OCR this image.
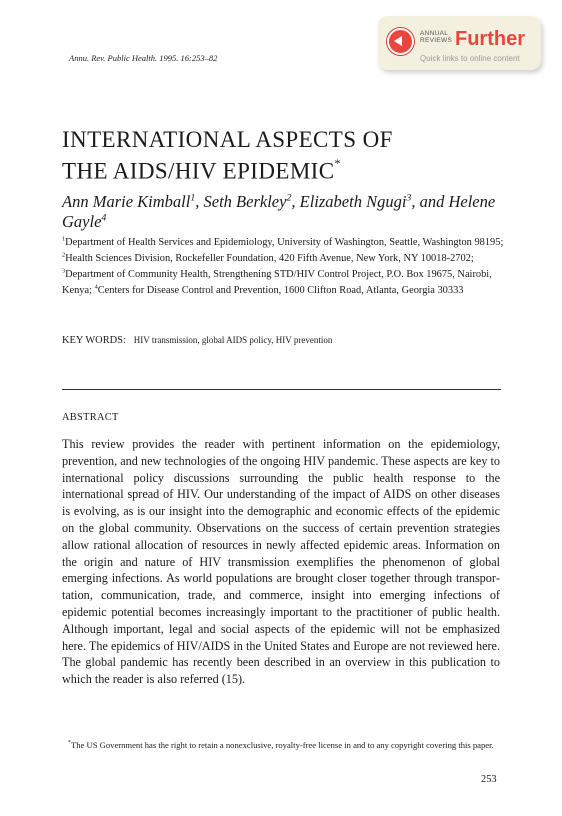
Annu. Rev. Public Health. 1995. 16:253–82
ANNUAL
REVIEWS Further
Quick links to online content
INTERNATIONAL ASPECTS OF
THE AIDS/HIV EPIDEMIC*

Ann Marie Kimball$^1$, Seth Berkley$^2$, Elizabeth Ngugi$^3$, and Helene Gayle$^4$

$^1$Department of Health Services and Epidemiology, University of Washington, Seattle, Washington 98195; $^2$Health Sciences Division, Rockefeller Foundation, 420 Fifth Avenue, New York, NY 10018-2702; $^3$Department of Community Health, Strengthening STD/HIV Control Project, P.O. Box 19675, Nairobi, Kenya; $^4$Centers for Disease Control and Prevention, 1600 Clifton Road, Atlanta, Georgia 30333

KEY WORDS: HIV transmission, global AIDS policy, HIV prevention
ABSTRACT

This review provides the reader with pertinent information on the epidemiology, prevention, and new technologies of the ongoing HIV pandemic. These aspects are key to international policy discussions surrounding the public health response to the international spread of HIV. Our understanding of the impact of AIDS on other diseases is evolving, as is our insight into the demographic and economic effects of the epidemic on the global community. Observations on the success of certain prevention strategies allow rational allocation of resources in newly affected epidemic areas. Information on the origin and nature of HIV transmission exemplifies the phenomenon of global emerging infections. As world populations are brought closer together through transportation, communication, trade, and commerce, insight into emerging infections of epidemic potential becomes increasingly important to the practitioner of public health. Although important, legal and social aspects of the epidemic will not be emphasized here. The epidemics of HIV/AIDS in the United States and Europe are not reviewed here. The global pandemic has recently been described in an overview in this publication to which the reader is also referred (15).

*The US Government has the right to retain a nonexclusive, royalty-free license in and to any copyright covering this paper.

253
